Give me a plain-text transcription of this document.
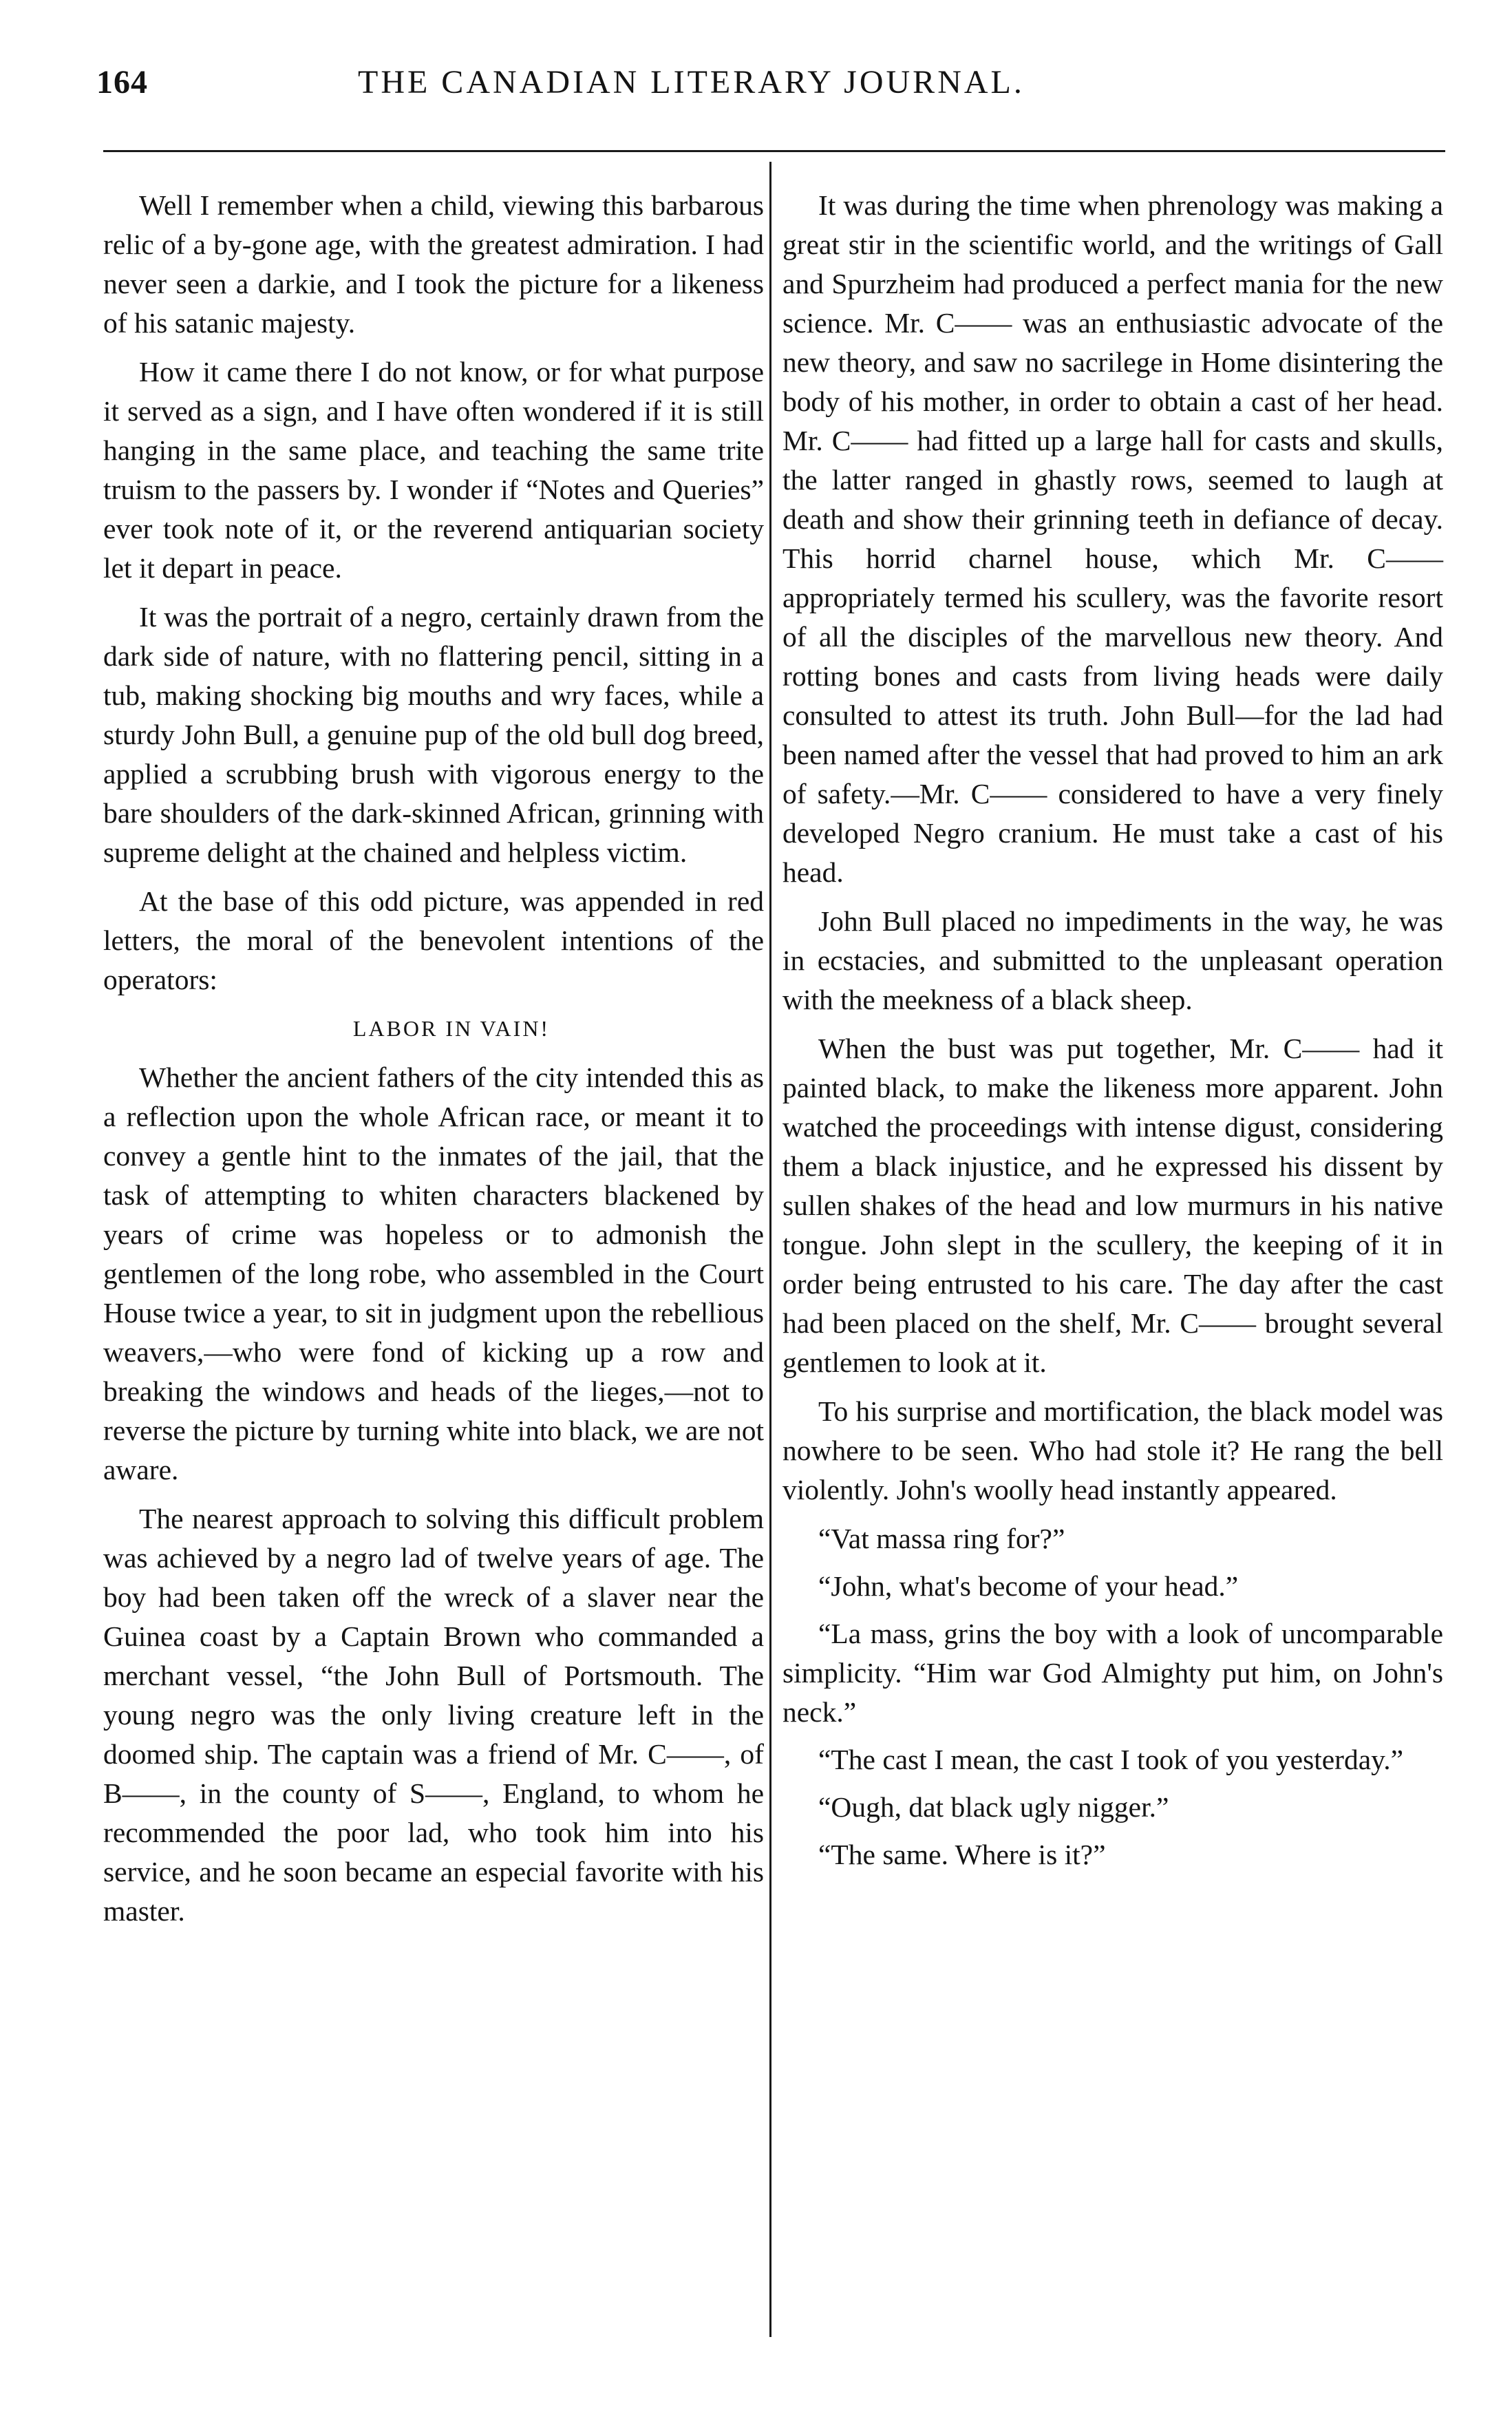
164	THE CANADIAN LITERARY JOURNAL.

Well I remember when a child, viewing this barbarous relic of a by-gone age, with the greatest admiration. I had never seen a darkie, and I took the picture for a likeness of his satanic majesty.

How it came there I do not know, or for what purpose it served as a sign, and I have often wondered if it is still hanging in the same place, and teaching the same trite truism to the passers by. I wonder if “Notes and Queries” ever took note of it, or the reverend antiquarian society let it depart in peace.

It was the portrait of a negro, certainly drawn from the dark side of nature, with no flattering pencil, sitting in a tub, making shocking big mouths and wry faces, while a sturdy John Bull, a genuine pup of the old bull dog breed, applied a scrubbing brush with vigorous energy to the bare shoulders of the dark-skinned African, grinning with supreme delight at the chained and helpless victim.

At the base of this odd picture, was appended in red letters, the moral of the benevolent intentions of the operators:

LABOR IN VAIN!

Whether the ancient fathers of the city intended this as a reflection upon the whole African race, or meant it to convey a gentle hint to the inmates of the jail, that the task of attempting to whiten characters blackened by years of crime was hopeless or to admonish the gentlemen of the long robe, who assembled in the Court House twice a year, to sit in judgment upon the rebellious weavers,—who were fond of kicking up a row and breaking the windows and heads of the lieges,—not to reverse the picture by turning white into black, we are not aware.

The nearest approach to solving this difficult problem was achieved by a negro lad of twelve years of age. The boy had been taken off the wreck of a slaver near the Guinea coast by a Captain Brown who commanded a merchant vessel, “the John Bull of Portsmouth. The young negro was the only living creature left in the doomed ship. The captain was a friend of Mr. C——, of B——, in the county of S——, England, to whom he recommended the poor lad, who took him into his service, and he soon became an especial favorite with his master.

It was during the time when phrenology was making a great stir in the scientific world, and the writings of Gall and Spurzheim had produced a perfect mania for the new science. Mr. C—— was an enthusiastic advocate of the new theory, and saw no sacrilege in Home disintering the body of his mother, in order to obtain a cast of her head. Mr. C—— had fitted up a large hall for casts and skulls, the latter ranged in ghastly rows, seemed to laugh at death and show their grinning teeth in defiance of decay. This horrid charnel house, which Mr. C—— appropriately termed his scullery, was the favorite resort of all the disciples of the marvellous new theory. And rotting bones and casts from living heads were daily consulted to attest its truth. John Bull—for the lad had been named after the vessel that had proved to him an ark of safety.—Mr. C—— considered to have a very finely developed Negro cranium. He must take a cast of his head.

John Bull placed no impediments in the way, he was in ecstacies, and submitted to the unpleasant operation with the meekness of a black sheep.

When the bust was put together, Mr. C—— had it painted black, to make the likeness more apparent. John watched the proceedings with intense digust, considering them a black injustice, and he expressed his dissent by sullen shakes of the head and low murmurs in his native tongue. John slept in the scullery, the keeping of it in order being entrusted to his care. The day after the cast had been placed on the shelf, Mr. C—— brought several gentlemen to look at it.

To his surprise and mortification, the black model was nowhere to be seen. Who had stole it? He rang the bell violently. John's woolly head instantly appeared.

“Vat massa ring for?”

“John, what's become of your head.”

“La mass, grins the boy with a look of uncomparable simplicity. “Him war God Almighty put him, on John's neck.”

“The cast I mean, the cast I took of you yesterday.”

“Ough, dat black ugly nigger.”

“The same. Where is it?”
